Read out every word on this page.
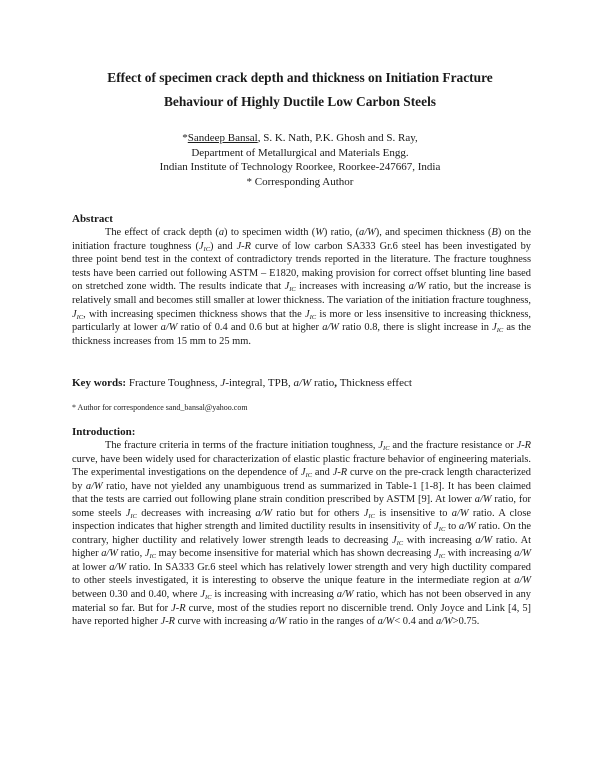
Effect of specimen crack depth and thickness on Initiation Fracture
Behaviour of Highly Ductile Low Carbon Steels
*Sandeep Bansal, S. K. Nath, P.K. Ghosh and S. Ray,
Department of Metallurgical and Materials Engg.
Indian Institute of Technology Roorkee, Roorkee-247667, India
* Corresponding Author
Abstract

The effect of crack depth (a) to specimen width (W) ratio, (a/W), and specimen thickness (B) on the initiation fracture toughness $(J_{IC})$ and J-R curve of low carbon SA333 Gr.6 steel has been investigated by three point bend test in the context of contradictory trends reported in the literature. The fracture toughness tests have been carried out following ASTM – E1820, making provision for correct offset blunting line based on stretched zone width. The results indicate that $J_{IC}$ increases with increasing a/W ratio, but the increase is relatively small and becomes still smaller at lower thickness. The variation of the initiation fracture toughness, $J_{IC}$, with increasing specimen thickness shows that the $J_{IC}$ is more or less insensitive to increasing thickness, particularly at lower a/W ratio of 0.4 and 0.6 but at higher a/W ratio 0.8, there is slight increase in $J_{IC}$ as the thickness increases from 15 mm to 25 mm.

Key words: Fracture Toughness, J-integral, TPB, a/W ratio, Thickness effect
* Author for correspondence sand_bansal@yahoo.com
Introduction:

The fracture criteria in terms of the fracture initiation toughness, $J_{IC}$ and the fracture resistance or J-R curve, have been widely used for characterization of elastic plastic fracture behavior of engineering materials. The experimental investigations on the dependence of $J_{IC}$ and J-R curve on the pre-crack length characterized by a/W ratio, have not yielded any unambiguous trend as summarized in Table-1 [1-8]. It has been claimed that the tests are carried out following plane strain condition prescribed by ASTM [9]. At lower a/W ratio, for some steels $J_{IC}$ decreases with increasing a/W ratio but for others $J_{IC}$ is insensitive to a/W ratio. A close inspection indicates that higher strength and limited ductility results in insensitivity of $J_{IC}$ to a/W ratio. On the contrary, higher ductility and relatively lower strength leads to decreasing $J_{IC}$ with increasing a/W ratio. At higher a/W ratio, $J_{IC}$ may become insensitive for material which has shown decreasing $J_{IC}$ with increasing a/W at lower a/W ratio. In SA333 Gr.6 steel which has relatively lower strength and very high ductility compared to other steels investigated, it is interesting to observe the unique feature in the intermediate region at a/W between 0.30 and 0.40, where $J_{IC}$ is increasing with increasing a/W ratio, which has not been observed in any material so far. But for J-R curve, most of the studies report no discernible trend. Only Joyce and Link [4, 5] have reported higher J-R curve with increasing a/W ratio in the ranges of a/W< 0.4 and a/W>0.75.
